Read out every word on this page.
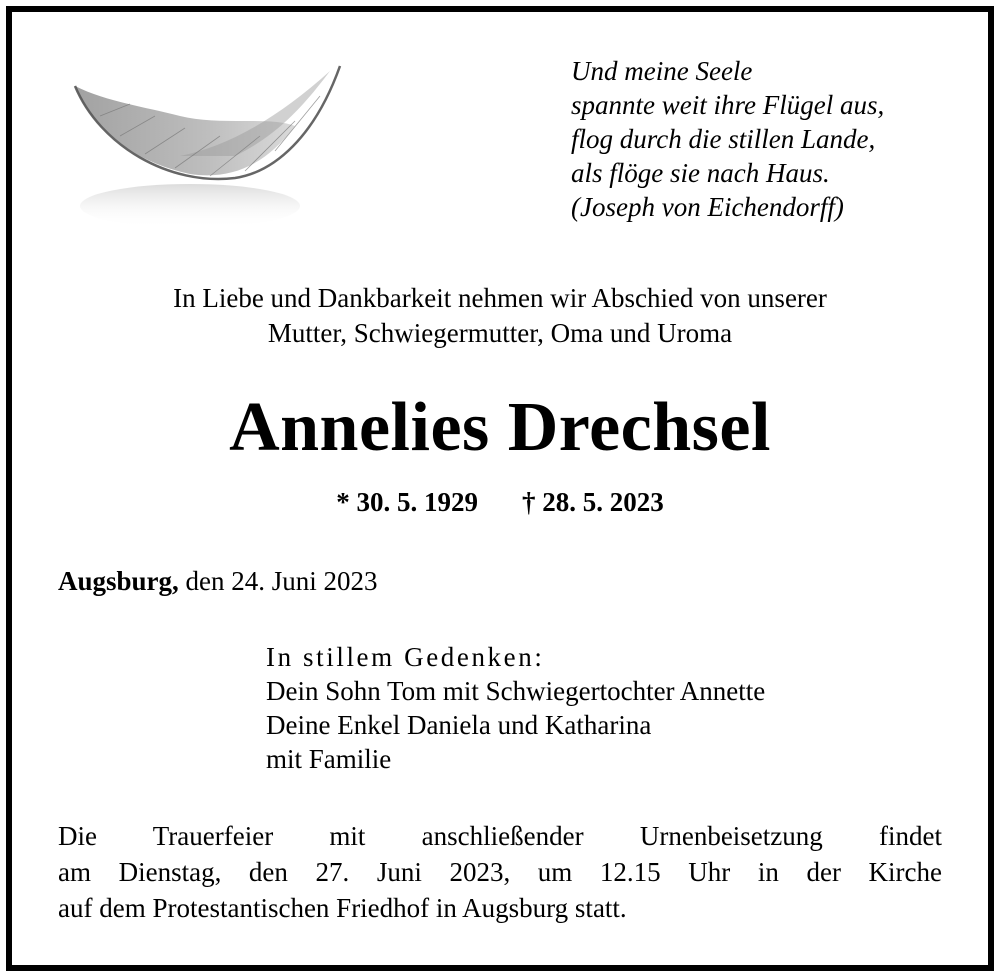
Und meine Seele
spannte weit ihre Flügel aus,
flog durch die stillen Lande,
als flöge sie nach Haus.
(Joseph von Eichendorff)
In Liebe und Dankbarkeit nehmen wir Abschied von unserer
Mutter, Schwiegermutter, Oma und Uroma
Annelies Drechsel
* 30. 5. 1929 † 28. 5. 2023
Augsburg, den 24. Juni 2023
In stillem Gedenken:
Dein Sohn Tom mit Schwiegertochter Annette
Deine Enkel Daniela und Katharina
mit Familie
Die Trauerfeier mit anschließender Urnenbeisetzung findet
am Dienstag, den 27. Juni 2023, um 12.15 Uhr in der Kirche
auf dem Protestantischen Friedhof in Augsburg statt.
